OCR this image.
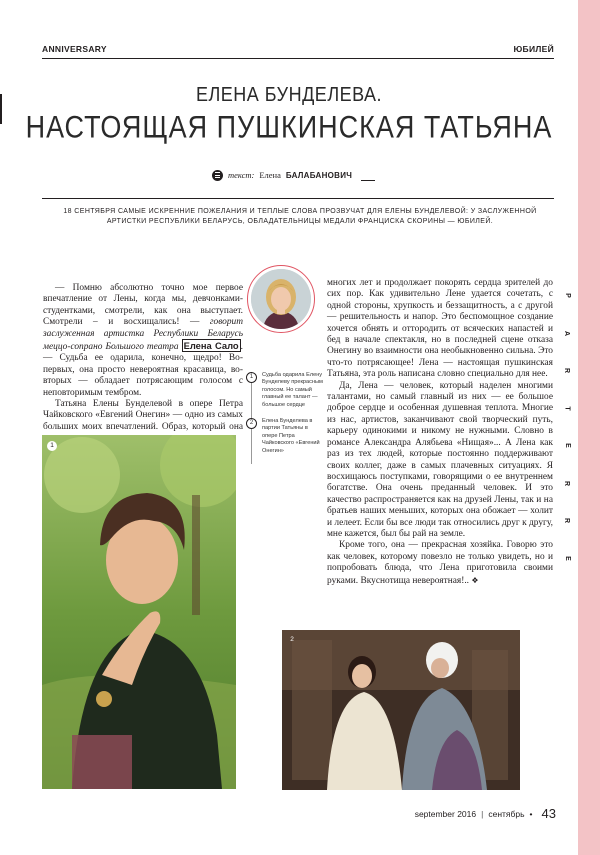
P
A
R
T
E
R
R
E
ANNIVERSARY	ЮБИЛЕЙ
ЕЛЕНА БУНДЕЛЕВА.
НАСТОЯЩАЯ ПУШКИНСКАЯ ТАТЬЯНА
текст: Елена БАЛАБАНОВИЧ
18 СЕНТЯБРЯ САМЫЕ ИСКРЕННИЕ ПОЖЕЛАНИЯ И ТЕПЛЫЕ СЛОВА ПРОЗВУЧАТ ДЛЯ ЕЛЕНЫ БУНДЕЛЕВОЙ: У ЗАСЛУЖЕННОЙ АРТИСТКИ РЕСПУБЛИКИ БЕЛАРУСЬ, ОБЛАДАТЕЛЬНИЦЫ МЕДАЛИ ФРАНЦИСКА СКОРИНЫ — ЮБИЛЕЙ.

— Помню абсолютно точно мое первое впечатление от Лены, когда мы, девчонками-студентками, смотрели, как она выступает. Смотрели – и восхищались! — говорит заслуженная артистка Республики Беларусь меццо-сопрано Большого театра Елена Сало . — Судьба ее одарила, конечно, щедро! Во-первых, она просто невероятная красавица, во-вторых — обладает потрясающим голосом с неповторимым тембром.

Татьяна Елены Бунделевой в опере Петра Чайковского «Евгений Онегин» — одно из самых больших моих впечатлений. Образ, который она

многих лет и продолжает покорять сердца зрителей до сих пор. Как удивительно Лене удается сочетать, с одной стороны, хрупкость и беззащитность, а с другой — решительность и напор. Это беспомощное создание хочется обнять и оттородить от всяческих напастей и бед в начале спектакля, но в последней сцене отказа Онегину во взаимности она необыкновенно сильна. Это что-то потрясающее! Лена — настоящая пушкинская Татьяна, эта роль написана словно специально для нее.

Да, Лена — человек, который наделен многими талантами, но самый главный из них — ее большое доброе сердце и особенная душевная теплота. Многие из нас, артистов, заканчивают свой творческий путь, карьеру одинокими и никому не нужными. Словно в романсе Александра Алябьева «Нищая»... А Лена как раз из тех людей, которые постоянно поддерживают своих коллег, даже в самых плачевных ситуациях. Я восхищаюсь поступками, говорящими о ее внутреннем богатстве. Она очень преданный человек. И это качество распространяется как на друзей Лены, так и на братьев наших меньших, которых она обожает — холит и лелеет. Если бы все люди так относились друг к другу, мне кажется, был бы рай на земле.

Кроме того, она — прекрасная хозяйка. Говорю это как человек, которому повезло не только увидеть, но и попробовать блюда, что Лена приготовила своими руками. Вкуснотища невероятная!.. ❖

1	Судьба одарила Елену Бунделеву прекрасным голосом. Но самый главный ее талант — большое сердце
2	Елена Бунделева в партии Татьяны в опере Петра Чайковского «Евгений Онегин»
1
2
september 2016 | сентябрь • 43
